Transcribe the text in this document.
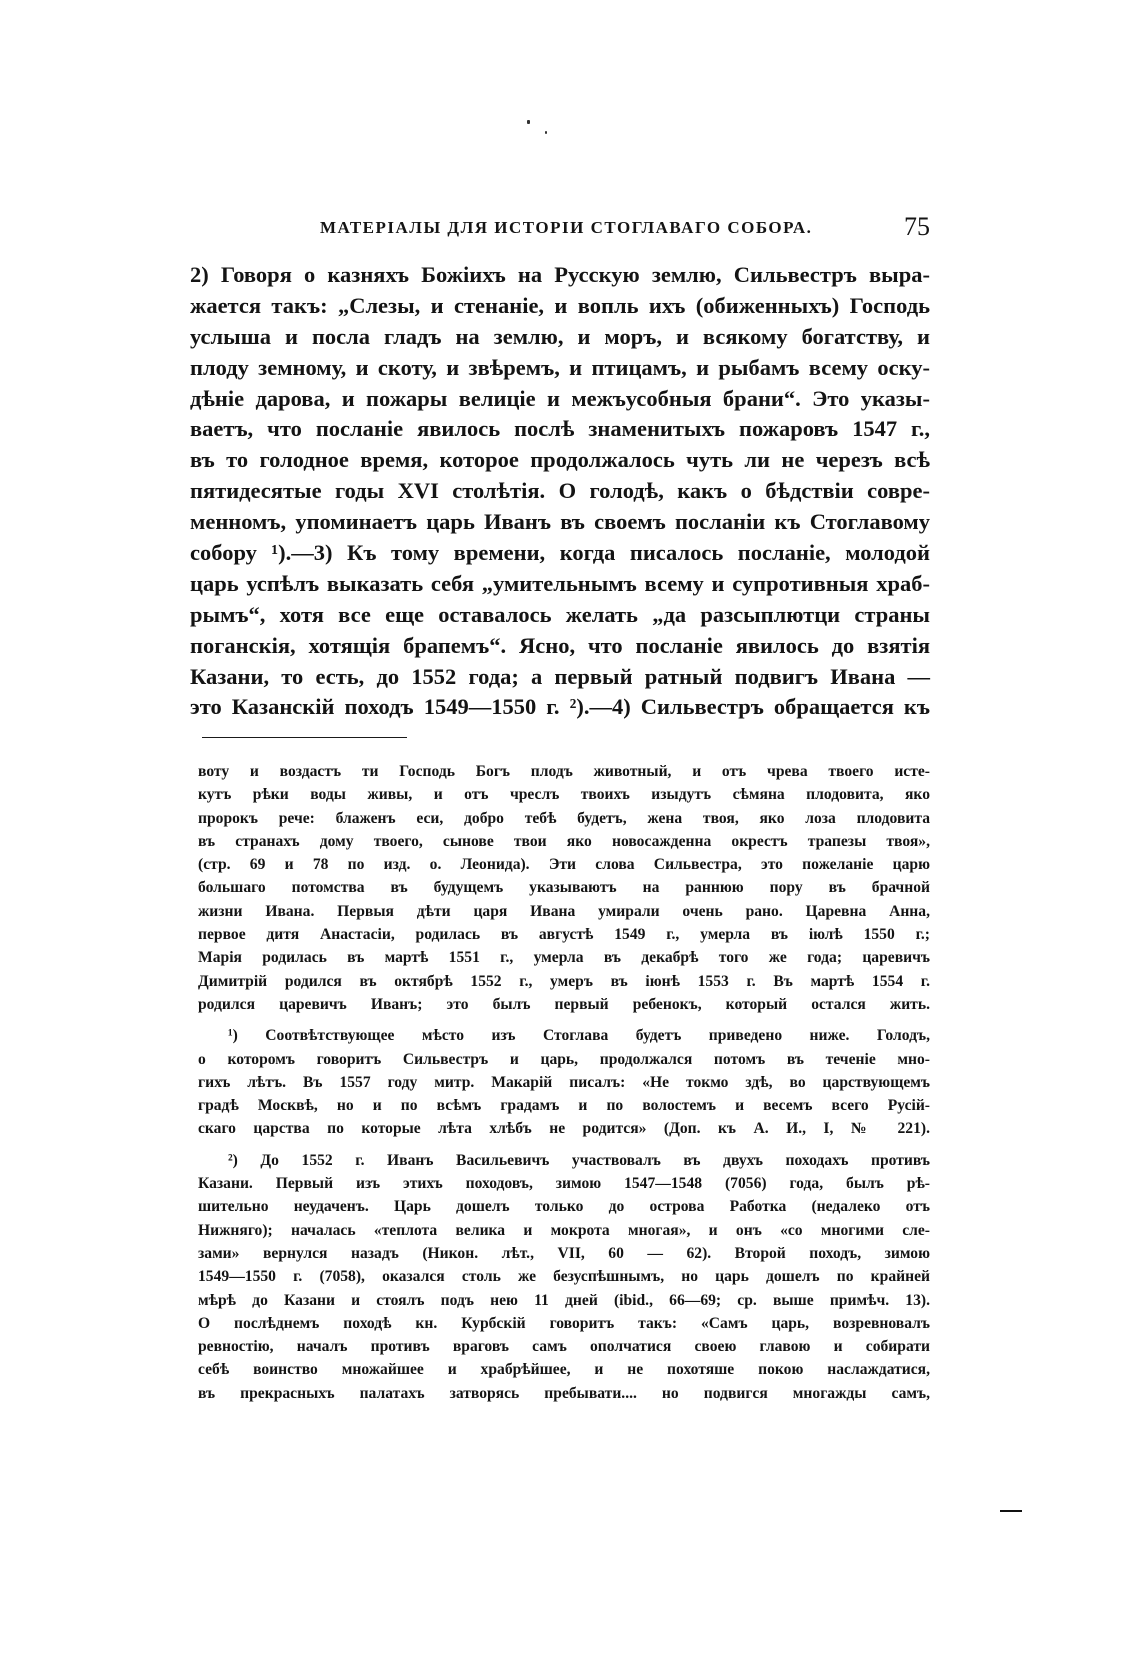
МАТЕРІАЛЫ ДЛЯ ИСТОРІИ СТОГЛАВАГО СОБОРА.	75
2) Говоря о казняхъ Божіихъ на Русскую землю, Сильвестръ выра-
жается такъ: „Слезы, и стенаніе, и вопль ихъ (обиженныхъ) Господь
услыша и посла гладъ на землю, и моръ, и всякому богатству, и
плоду земному, и скоту, и звѣремъ, и птицамъ, и рыбамъ всему оску-
дѣніе дарова, и пожары велиціе и межъусобныя брани“. Это указы-
ваетъ, что посланіе явилось послѣ знаменитыхъ пожаровъ 1547 г.,
въ то голодное время, которое продолжалось чуть ли не черезъ всѣ
пятидесятые годы XVI столѣтія. О голодѣ, какъ о бѣдствіи совре-
менномъ, упоминаетъ царь Иванъ въ своемъ посланіи къ Стоглавому
собору ¹).—3) Къ тому времени, когда писалось посланіе, молодой
царь успѣлъ выказать себя „умительнымъ всему и супротивныя храб-
рымъ“, хотя все еще оставалось желать „да разсыплютци страны
поганскія, хотящія брапемъ“. Ясно, что посланіе явилось до взятія
Казани, то есть, до 1552 года; а первый ратный подвигъ Ивана —
это Казанскій походъ 1549—1550 г. ²).—4) Сильвестръ обращается къ
воту и воздастъ ти Господь Богъ плодъ животный, и отъ чрева твоего исте-
кутъ рѣки воды живы, и отъ чреслъ твоихъ изыдутъ сѣмяна плодовита, яко
пророкъ рече: блаженъ еси, добро тебѣ будетъ, жена твоя, яко лоза плодовита
въ странахъ дому твоего, сынове твои яко новосажденна окрестъ трапезы твоя»,
(стр. 69 и 78 по изд. о. Леонида). Эти слова Сильвестра, это пожеланіе царю
большаго потомства въ будущемъ указываютъ на раннюю пору въ брачной
жизни Ивана. Первыя дѣти царя Ивана умирали очень рано. Царевна Анна,
первое дитя Анастасіи, родилась въ августѣ 1549 г., умерла въ іюлѣ 1550 г.;
Марія родилась въ мартѣ 1551 г., умерла въ декабрѣ того же года; царевичъ
Димитрій родился въ октябрѣ 1552 г., умеръ въ іюнѣ 1553 г. Въ мартѣ 1554 г.
родился царевичъ Иванъ; это былъ первый ребенокъ, который остался жить.
¹) Соотвѣтствующее мѣсто изъ Стоглава будетъ приведено ниже. Голодъ,
о которомъ говоритъ Сильвестръ и царь, продолжался потомъ въ теченіе мно-
гихъ лѣтъ. Въ 1557 году митр. Макарій писалъ: «Не токмо здѣ, во царствующемъ
градѣ Москвѣ, но и по всѣмъ градамъ и по волостемъ и весемъ всего Русій-
скаго царства по которые лѣта хлѣбъ не родится» (Доп. къ А. И., I, № 221).
²) До 1552 г. Иванъ Васильевичъ участвовалъ въ двухъ походахъ противъ
Казани. Первый изъ этихъ походовъ, зимою 1547—1548 (7056) года, былъ рѣ-
шительно неудаченъ. Царь дошелъ только до острова Работка (недалеко отъ
Нижняго); началась «теплота велика и мокрота многая», и онъ «со многими сле-
зами» вернулся назадъ (Никон. лѣт., VII, 60 — 62). Второй походъ, зимою
1549—1550 г. (7058), оказался столь же безуспѣшнымъ, но царь дошелъ по крайней
мѣрѣ до Казани и стоялъ подъ нею 11 дней (ibid., 66—69; ср. выше примѣч. 13).
О послѣднемъ походѣ кн. Курбскій говоритъ такъ: «Самъ царь, возревновалъ
ревностію, началъ противъ враговъ самъ ополчатися своею главою и собирати
себѣ воинство множайшее и храбрѣйшее, и не похотяше покою наслаждатися,
въ прекрасныхъ палатахъ затворясь пребывати.... но подвигся многажды самъ,
